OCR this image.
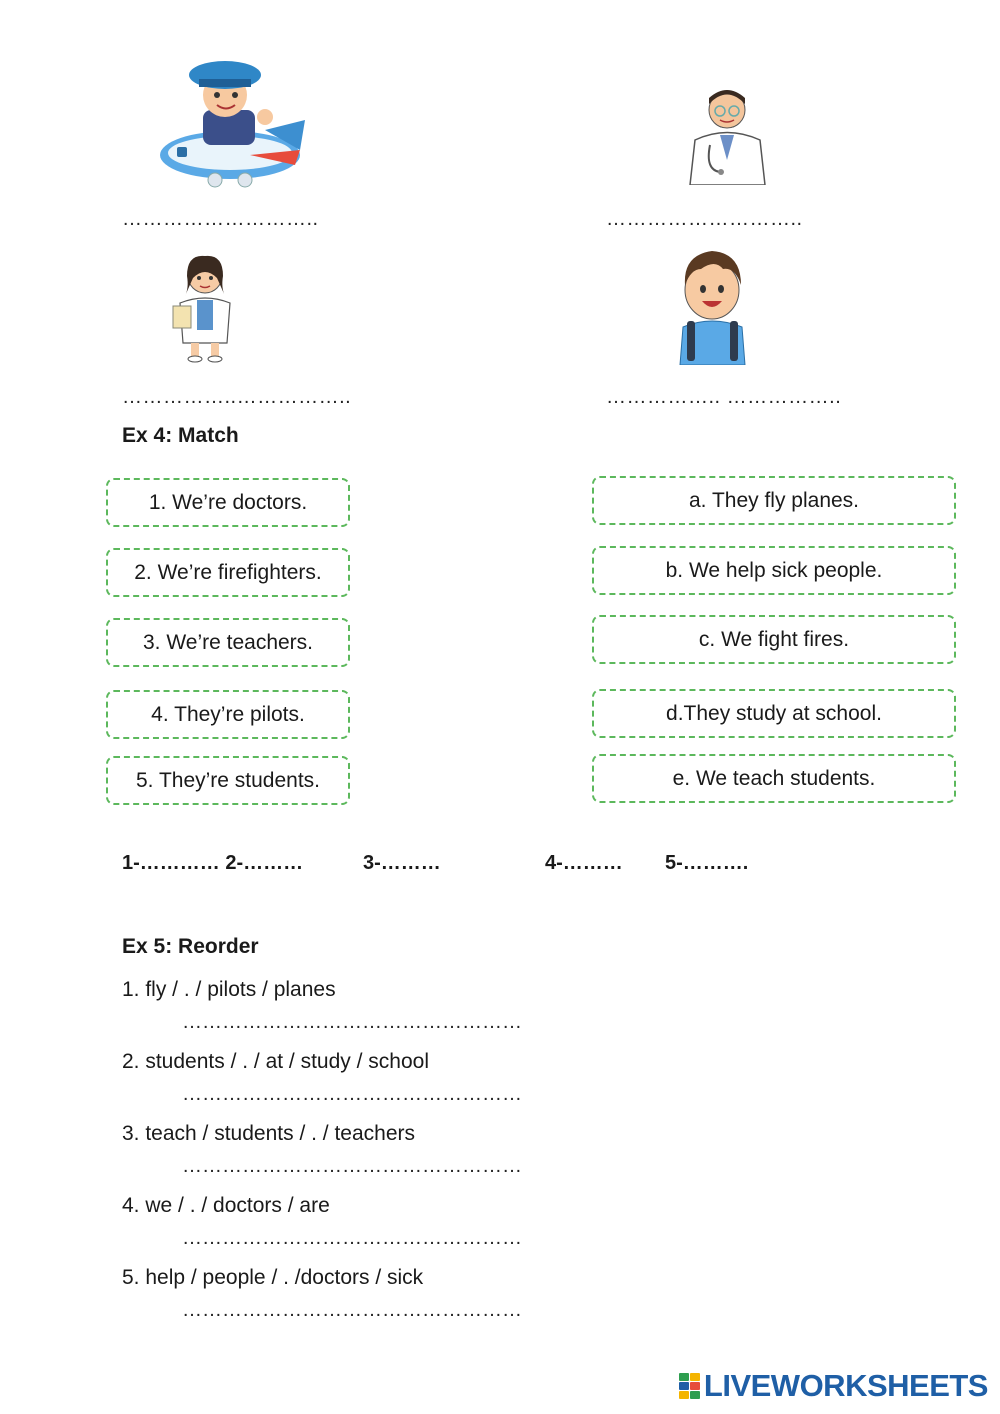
………………………..	………………………..
……………..……………..	…………….. ……………..
Ex 4: Match
1. We’re doctors.
2. We’re firefighters.
3. We’re teachers.
4. They’re pilots.
5. They’re students.
a. They fly planes.
b. We help sick people.
c. We fight fires.
d.They study at school.
e. We teach students.
1-………… 2-………	3-………	4-……… 5-……….
Ex 5: Reorder
1. fly / . / pilots / planes
……………………………………………
2. students / . / at / study / school
……………………………………………
3. teach / students / . / teachers
……………………………………………
4. we / . / doctors / are
……………………………………………
5. help / people / . /doctors / sick
……………………………………………
LIVEWORKSHEETS
